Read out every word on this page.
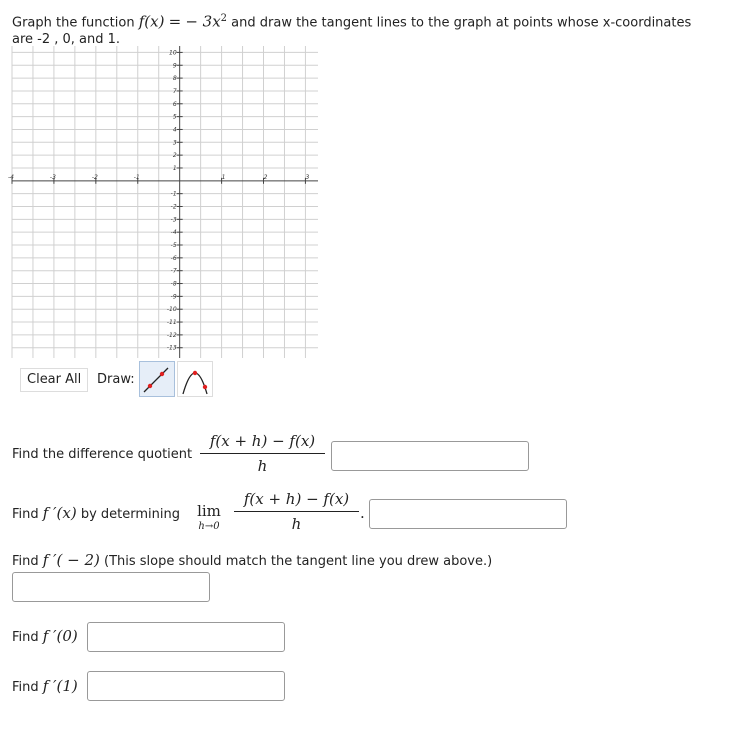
Graph the function f(x) = − $3x^2$ and draw the tangent lines to the graph at points whose x-coordinates
are -2 , 0, and 1.
-4	-3	-2	-1	1	2	3
10
9
8
7
6
5
4
3
2
1
-1
-2
-3
-4
-5
-6
-7
-8
-9
-10
-11
-12
-13
Clear All	Draw:
Find the difference quotient
f(x + h) − f(x)
h
Find f ′(x) by determining lim
h→0
f(x + h) − f(x)
h
.
Find f ′( − 2) (This slope should match the tangent line you drew above.)
Find f ′(0)
Find f ′(1)
